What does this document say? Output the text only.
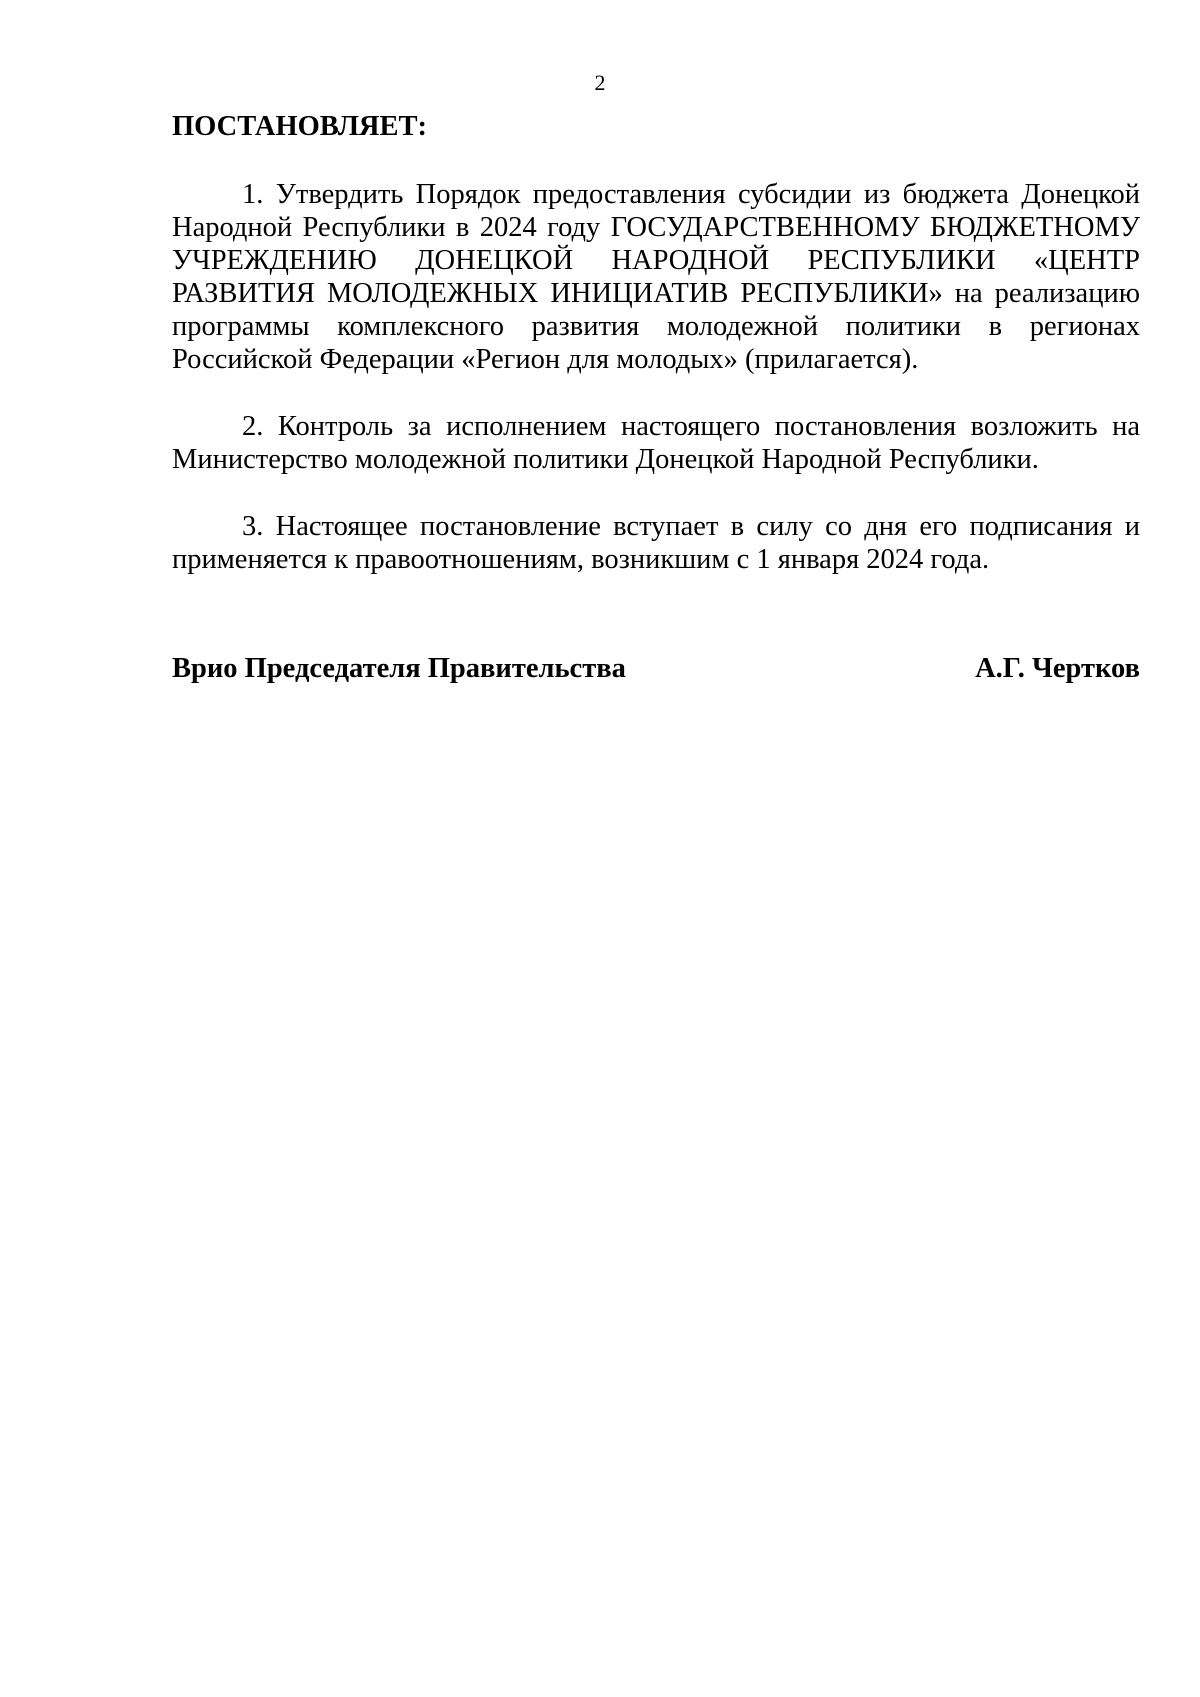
2

ПОСТАНОВЛЯЕТ:

1. Утвердить Порядок предоставления субсидии из бюджета Донецкой Народной Республики в 2024 году ГОСУДАРСТВЕННОМУ БЮДЖЕТНОМУ УЧРЕЖДЕНИЮ ДОНЕЦКОЙ НАРОДНОЙ РЕСПУБЛИКИ «ЦЕНТР РАЗВИТИЯ МОЛОДЕЖНЫХ ИНИЦИАТИВ РЕСПУБЛИКИ» на реализацию программы комплексного развития молодежной политики в регионах Российской Федерации «Регион для молодых» (прилагается).

2. Контроль за исполнением настоящего постановления возложить на Министерство молодежной политики Донецкой Народной Республики.

3. Настоящее постановление вступает в силу со дня его подписания и применяется к правоотношениям, возникшим с 1 января 2024 года.

Врио Председателя Правительства	А.Г. Чертков
